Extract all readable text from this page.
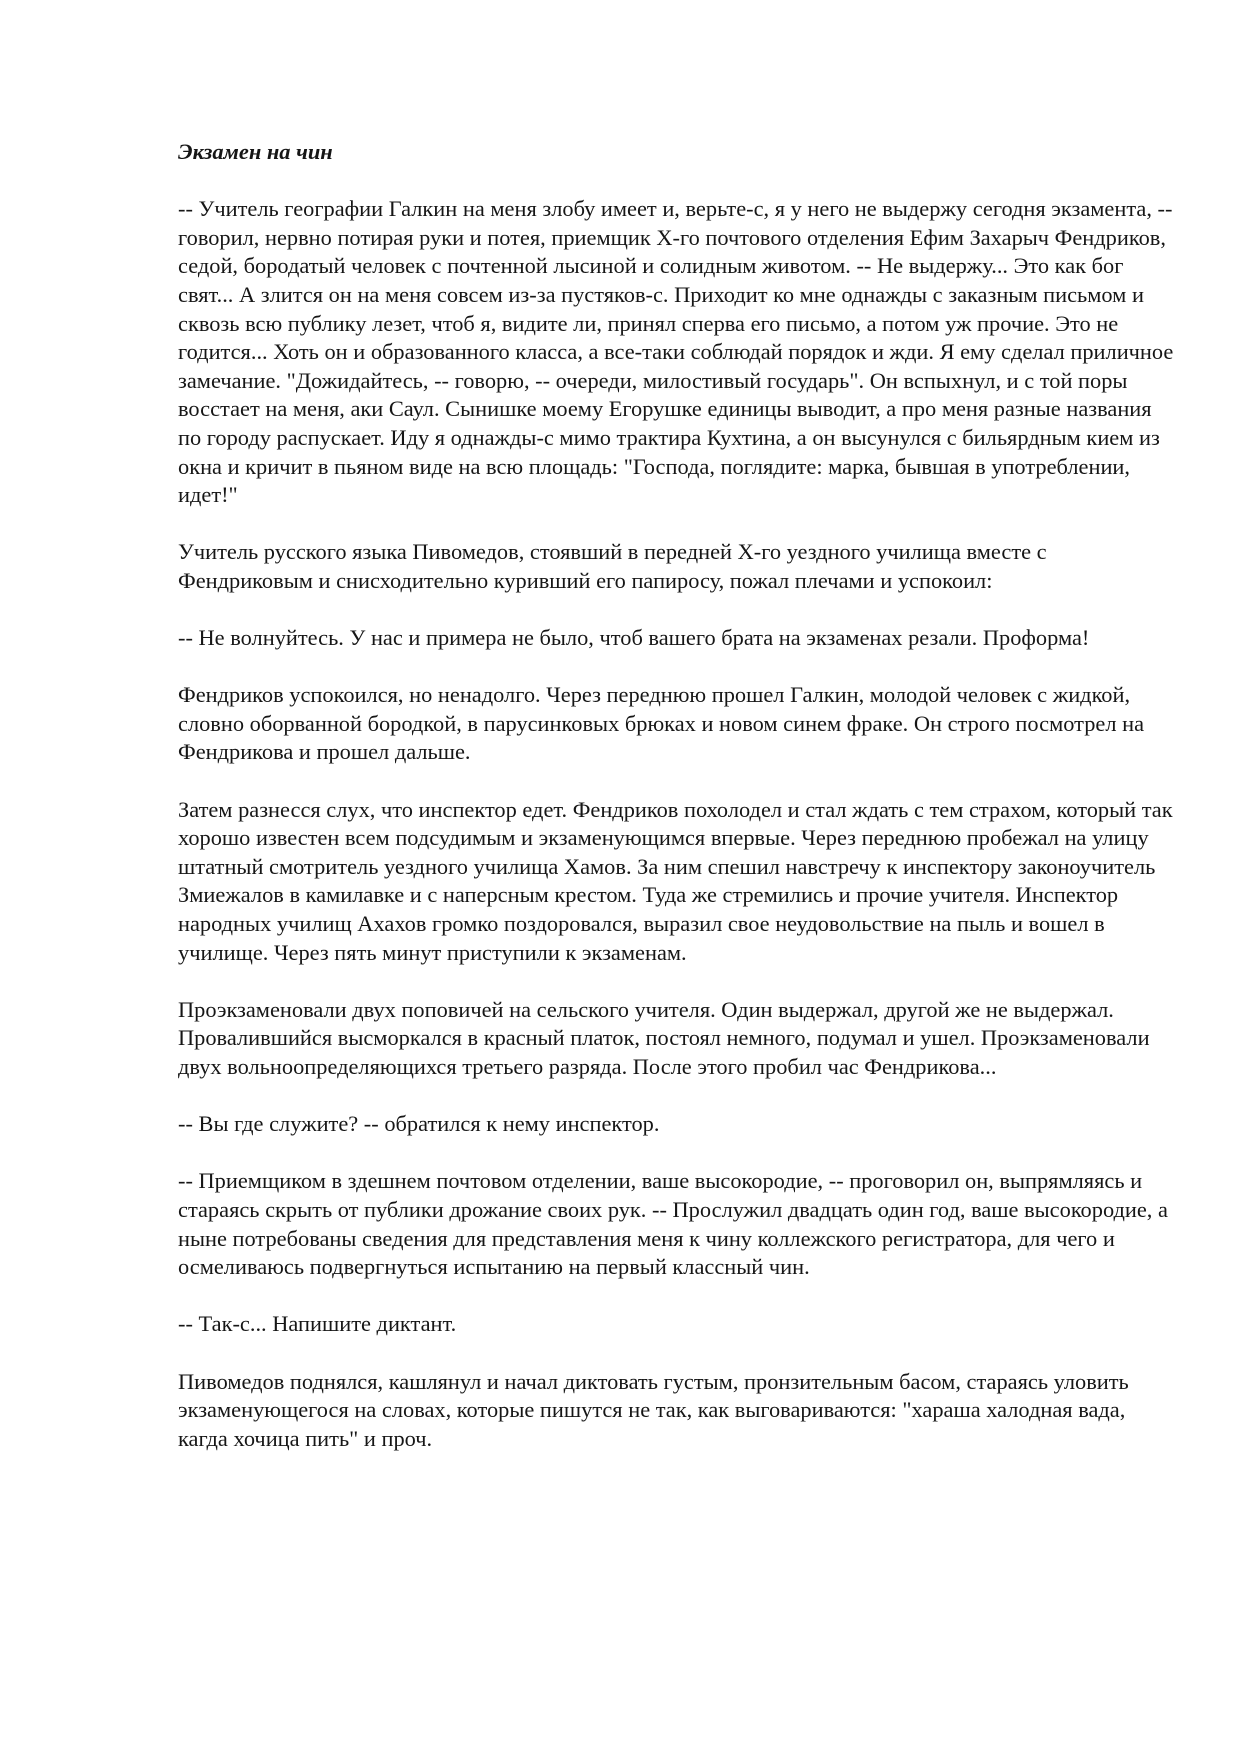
Экзамен на чин
-- Учитель географии Галкин на меня злобу имеет и, верьте-с, я у него не выдержу сегодня экзамента, -- говорил, нервно потирая руки и потея, приемщик Х-го почтового отделения Ефим Захарыч Фендриков, седой, бородатый человек с почтенной лысиной и солидным животом. -- Не выдержу... Это как бог свят... А злится он на меня совсем из-за пустяков-с. Приходит ко мне однажды с заказным письмом и сквозь всю публику лезет, чтоб я, видите ли, принял сперва его письмо, а потом уж прочие. Это не годится... Хоть он и образованного класса, а все-таки соблюдай порядок и жди. Я ему сделал приличное замечание. "Дожидайтесь, -- говорю, -- очереди, милостивый государь". Он вспыхнул, и с той поры восстает на меня, аки Саул. Сынишке моему Егорушке единицы выводит, а про меня разные названия по городу распускает. Иду я однажды-с мимо трактира Кухтина, а он высунулся с бильярдным кием из окна и кричит в пьяном виде на всю площадь: "Господа, поглядите: марка, бывшая в употреблении, идет!"
Учитель русского языка Пивомедов, стоявший в передней Х-го уездного училища вместе с Фендриковым и снисходительно куривший его папиросу, пожал плечами и успокоил:
-- Не волнуйтесь. У нас и примера не было, чтоб вашего брата на экзаменах резали. Проформа!
Фендриков успокоился, но ненадолго. Через переднюю прошел Галкин, молодой человек с жидкой, словно оборванной бородкой, в парусинковых брюках и новом синем фраке. Он строго посмотрел на Фендрикова и прошел дальше.
Затем разнесся слух, что инспектор едет. Фендриков похолодел и стал ждать с тем страхом, который так хорошо известен всем подсудимым и экзаменующимся впервые. Через переднюю пробежал на улицу штатный смотритель уездного училища Хамов. За ним спешил навстречу к инспектору законоучитель Змиежалов в камилавке и с наперсным крестом. Туда же стремились и прочие учителя. Инспектор народных училищ Ахахов громко поздоровался, выразил свое неудовольствие на пыль и вошел в училище. Через пять минут приступили к экзаменам.
Проэкзаменовали двух поповичей на сельского учителя. Один выдержал, другой же не выдержал. Провалившийся высморкался в красный платок, постоял немного, подумал и ушел. Проэкзаменовали двух вольноопределяющихся третьего разряда. После этого пробил час Фендрикова...
-- Вы где служите? -- обратился к нему инспектор.
-- Приемщиком в здешнем почтовом отделении, ваше высокородие, -- проговорил он, выпрямляясь и стараясь скрыть от публики дрожание своих рук. -- Прослужил двадцать один год, ваше высокородие, а ныне потребованы сведения для представления меня к чину коллежского регистратора, для чего и осмеливаюсь подвергнуться испытанию на первый классный чин.
-- Так-с... Напишите диктант.
Пивомедов поднялся, кашлянул и начал диктовать густым, пронзительным басом, стараясь уловить экзаменующегося на словах, которые пишутся не так, как выговариваются: "хараша халодная вада, кагда хочица пить" и проч.
